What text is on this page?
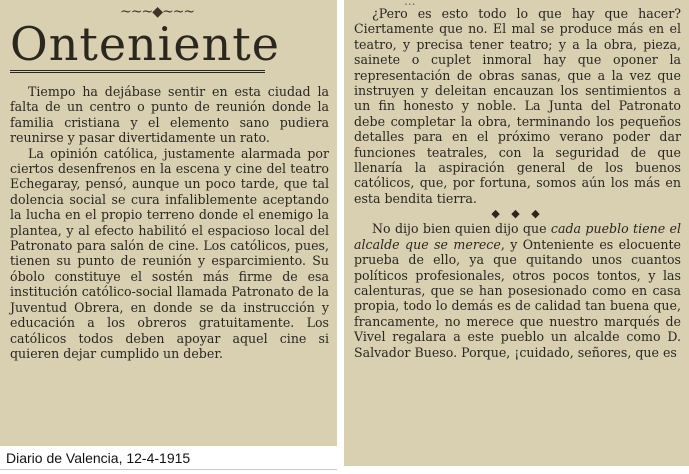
~~~◆~~~
Onteniente

Tiempo ha dejábase sentir en esta ciudad la falta de un centro o punto de reunión donde la familia cristiana y el elemento sano pudiera reunirse y pasar divertidamente un rato.

La opinión católica, justamente alarmada por ciertos desenfrenos en la escena y cine del teatro Echegaray, pensó, aunque un poco tarde, que tal dolencia social se cura infaliblemente aceptando la lucha en el propio terreno donde el enemigo la plantea, y al efecto habilitó el espacioso local del Patronato para salón de cine. Los católicos, pues, tienen su punto de reunión y esparcimiento. Su óbolo constituye el sostén más firme de esa institución católico-social llamada Patronato de la Juventud Obrera, en donde se da instrucción y educación a los obreros gratuitamente. Los católicos todos deben apoyar aquel cine si quieren dejar cumplido un deber.

...

¿Pero es esto todo lo que hay que hacer? Ciertamente que no. El mal se produce más en el teatro, y precisa tener teatro; y a la obra, pieza, sainete o cuplet inmoral hay que oponer la representación de obras sanas, que a la vez que instruyen y deleitan encauzan los sentimientos a un fin honesto y noble. La Junta del Patronato debe completar la obra, terminando los pequeños detalles para en el próximo verano poder dar funciones teatrales, con la seguridad de que llenaría la aspiración general de los buenos católicos, que, por fortuna, somos aún los más en esta bendita tierra.

◆ ◆ ◆

No dijo bien quien dijo que cada pueblo tiene el alcalde que se merece, y Onteniente es elocuente prueba de ello, ya que quitando unos cuantos políticos profesionales, otros pocos tontos, y las calenturas, que se han posesionado como en casa propia, todo lo demás es de calidad tan buena que, francamente, no merece que nuestro marqués de Vivel regalara a este pueblo un alcalde como D. Salvador Bueso. Porque, ¡cuidado, señores, que es

Diario de Valencia, 12-4-1915
